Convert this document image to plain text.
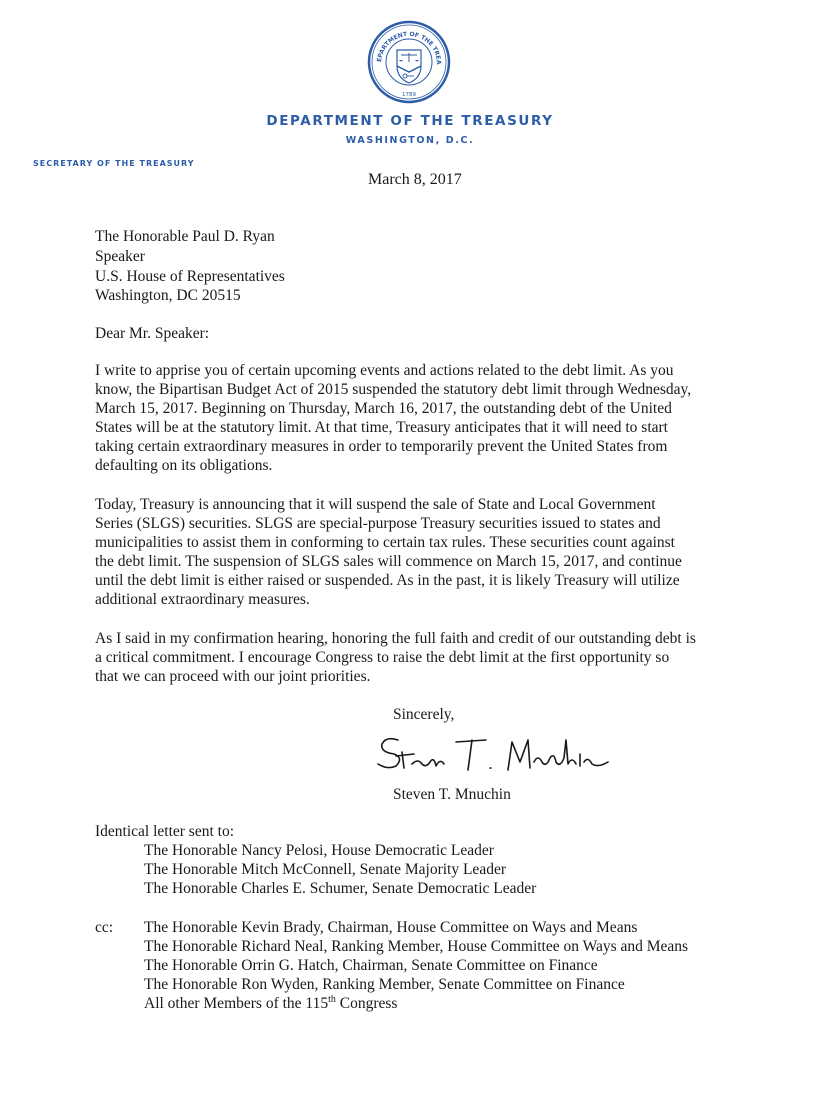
EPARTMENT OF THE TREA
1789
DEPARTMENT OF THE TREASURY
WASHINGTON, D.C.
SECRETARY OF THE TREASURY
March 8, 2017
The Honorable Paul D. Ryan
Speaker
U.S. House of Representatives
Washington, DC 20515
Dear Mr. Speaker:
I write to apprise you of certain upcoming events and actions related to the debt limit. As you
know, the Bipartisan Budget Act of 2015 suspended the statutory debt limit through Wednesday,
March 15, 2017. Beginning on Thursday, March 16, 2017, the outstanding debt of the United
States will be at the statutory limit. At that time, Treasury anticipates that it will need to start
taking certain extraordinary measures in order to temporarily prevent the United States from
defaulting on its obligations.
Today, Treasury is announcing that it will suspend the sale of State and Local Government
Series (SLGS) securities. SLGS are special-purpose Treasury securities issued to states and
municipalities to assist them in conforming to certain tax rules. These securities count against
the debt limit. The suspension of SLGS sales will commence on March 15, 2017, and continue
until the debt limit is either raised or suspended. As in the past, it is likely Treasury will utilize
additional extraordinary measures.
As I said in my confirmation hearing, honoring the full faith and credit of our outstanding debt is
a critical commitment. I encourage Congress to raise the debt limit at the first opportunity so
that we can proceed with our joint priorities.
Sincerely,
Steven T. Mnuchin
Identical letter sent to:
The Honorable Nancy Pelosi, House Democratic Leader
The Honorable Mitch McConnell, Senate Majority Leader
The Honorable Charles E. Schumer, Senate Democratic Leader
cc: The Honorable Kevin Brady, Chairman, House Committee on Ways and Means
The Honorable Richard Neal, Ranking Member, House Committee on Ways and Means
The Honorable Orrin G. Hatch, Chairman, Senate Committee on Finance
The Honorable Ron Wyden, Ranking Member, Senate Committee on Finance
All other Members of the 115th Congress
